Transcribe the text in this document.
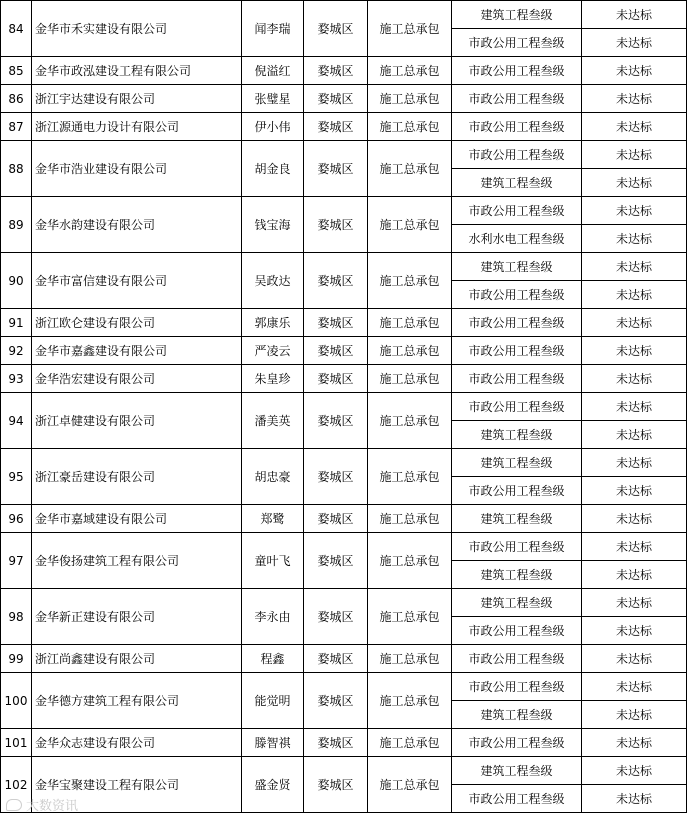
84	金华市禾实建设有限公司	闻李瑞	婺城区	施工总承包	建筑工程叁级	未达标
					市政公用工程叁级	未达标
85	金华市政泓建设工程有限公司	倪溢红	婺城区	施工总承包	市政公用工程叁级	未达标
86	浙江宇达建设有限公司	张璧星	婺城区	施工总承包	市政公用工程叁级	未达标
87	浙江源通电力设计有限公司	伊小伟	婺城区	施工总承包	市政公用工程叁级	未达标
88	金华市浩业建设有限公司	胡金良	婺城区	施工总承包	市政公用工程叁级	未达标
					建筑工程叁级	未达标
89	金华水韵建设有限公司	钱宝海	婺城区	施工总承包	市政公用工程叁级	未达标
					水利水电工程叁级	未达标
90	金华市富信建设有限公司	吴政达	婺城区	施工总承包	建筑工程叁级	未达标
					市政公用工程叁级	未达标
91	浙江欧仑建设有限公司	郭康乐	婺城区	施工总承包	市政公用工程叁级	未达标
92	金华市嘉鑫建设有限公司	严凌云	婺城区	施工总承包	市政公用工程叁级	未达标
93	金华浩宏建设有限公司	朱皇珍	婺城区	施工总承包	市政公用工程叁级	未达标
94	浙江卓健建设有限公司	潘美英	婺城区	施工总承包	市政公用工程叁级	未达标
					建筑工程叁级	未达标
95	浙江豪岳建设有限公司	胡忠豪	婺城区	施工总承包	建筑工程叁级	未达标
					市政公用工程叁级	未达标
96	金华市嘉域建设有限公司	郑鹭	婺城区	施工总承包	建筑工程叁级	未达标
97	金华俊扬建筑工程有限公司	童叶飞	婺城区	施工总承包	市政公用工程叁级	未达标
					建筑工程叁级	未达标
98	金华新正建设有限公司	李永由	婺城区	施工总承包	建筑工程叁级	未达标
					市政公用工程叁级	未达标
99	浙江尚鑫建设有限公司	程鑫	婺城区	施工总承包	市政公用工程叁级	未达标
100	金华德方建筑工程有限公司	能觉明	婺城区	施工总承包	市政公用工程叁级	未达标
					建筑工程叁级	未达标
101	金华众志建设有限公司	滕智祺	婺城区	施工总承包	市政公用工程叁级	未达标
102	金华宝聚建设工程有限公司	盛金贤	婺城区	施工总承包	建筑工程叁级	未达标
					市政公用工程叁级	未达标
大数资讯
